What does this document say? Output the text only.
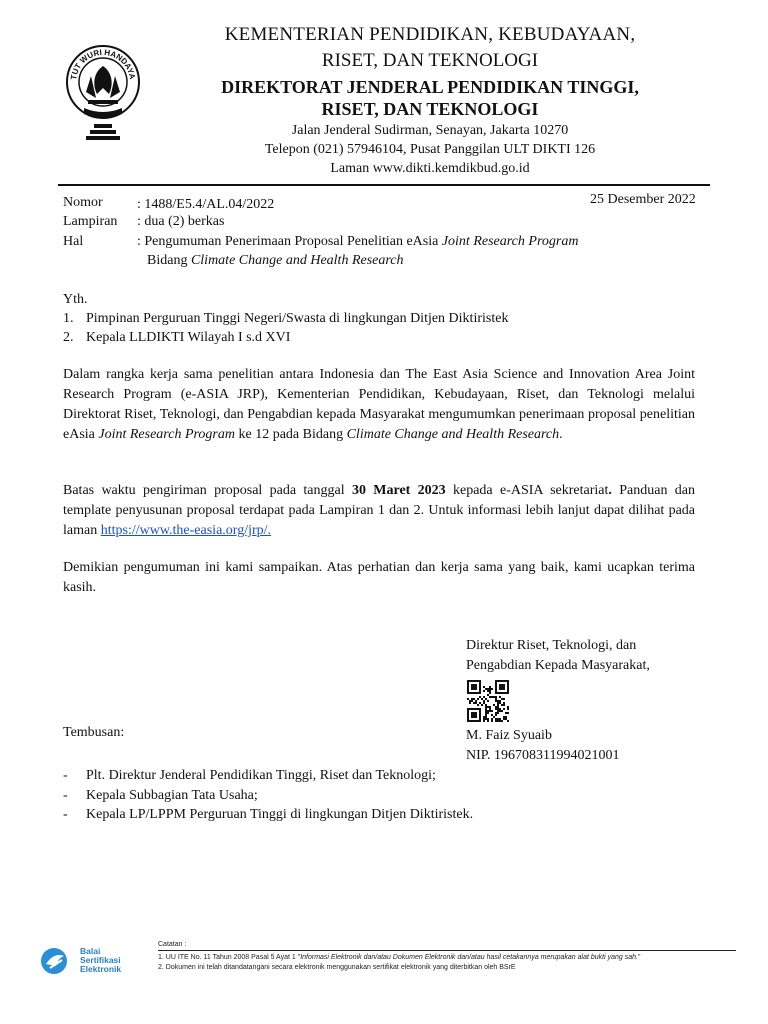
TUT WURI HANDAYA
KEMENTERIAN PENDIDIKAN, KEBUDAYAAN,
RISET, DAN TEKNOLOGI
DIREKTORAT JENDERAL PENDIDIKAN TINGGI,
RISET, DAN TEKNOLOGI
Jalan Jenderal Sudirman, Senayan, Jakarta 10270
Telepon (021) 57946104, Pusat Panggilan ULT DIKTI 126
Laman www.dikti.kemdikbud.go.id
25 Desember 2022
Nomor : 1488/E5.4/AL.04/2022
Lampiran : dua (2) berkas
Hal	: Pengumuman Penerimaan Proposal Penelitian eAsia Joint Research Program
Bidang Climate Change and Health Research
Yth.
1. Pimpinan Perguruan Tinggi Negeri/Swasta di lingkungan Ditjen Diktiristek
2. Kepala LLDIKTI Wilayah I s.d XVI
Dalam rangka kerja sama penelitian antara Indonesia dan The East Asia Science and Innovation Area Joint Research Program (e-ASIA JRP), Kementerian Pendidikan, Kebudayaan, Riset, dan Teknologi melalui Direktorat Riset, Teknologi, dan Pengabdian kepada Masyarakat mengumumkan penerimaan proposal penelitian eAsia Joint Research Program ke 12 pada Bidang Climate Change and Health Research.
Batas waktu pengiriman proposal pada tanggal 30 Maret 2023 kepada e-ASIA sekretariat. Panduan dan template penyusunan proposal terdapat pada Lampiran 1 dan 2. Untuk informasi lebih lanjut dapat dilihat pada laman https://www.the-easia.org/jrp/.
Demikian pengumuman ini kami sampaikan. Atas perhatian dan kerja sama yang baik, kami ucapkan terima kasih.
Direktur Riset, Teknologi, dan
Pengabdian Kepada Masyarakat,
Tembusan:	M. Faiz Syuaib
NIP. 196708311994021001
- Plt. Direktur Jenderal Pendidikan Tinggi, Riset dan Teknologi;
- Kepala Subbagian Tata Usaha;
- Kepala LP/LPPM Perguruan Tinggi di lingkungan Ditjen Diktiristek.
Balai
Sertifikasi
Elektronik
Catatan :
1. UU ITE No. 11 Tahun 2008 Pasal 5 Ayat 1 "Informasi Elektronik dan/atau Dokumen Elektronik dan/atau hasil cetakannya merupakan alat bukti yang sah."
2. Dokumen ini telah ditandatangani secara elektronik menggunakan sertifikat elektronik yang diterbitkan oleh BSrE
